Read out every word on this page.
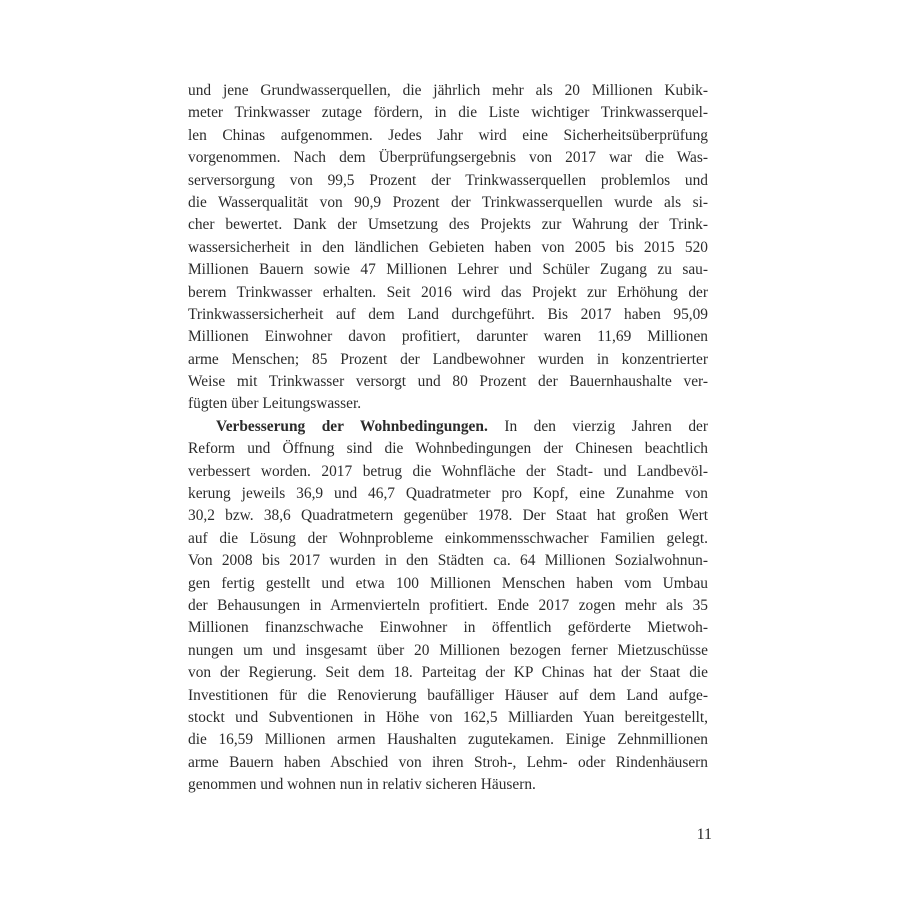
und jene Grundwasserquellen, die jährlich mehr als 20 Millionen Kubik-
meter Trinkwasser zutage fördern, in die Liste wichtiger Trinkwasserquel-
len Chinas aufgenommen. Jedes Jahr wird eine Sicherheitsüberprüfung
vorgenommen. Nach dem Überprüfungsergebnis von 2017 war die Was-
serversorgung von 99,5 Prozent der Trinkwasserquellen problemlos und
die Wasserqualität von 90,9 Prozent der Trinkwasserquellen wurde als si-
cher bewertet. Dank der Umsetzung des Projekts zur Wahrung der Trink-
wassersicherheit in den ländlichen Gebieten haben von 2005 bis 2015 520
Millionen Bauern sowie 47 Millionen Lehrer und Schüler Zugang zu sau-
berem Trinkwasser erhalten. Seit 2016 wird das Projekt zur Erhöhung der
Trinkwassersicherheit auf dem Land durchgeführt. Bis 2017 haben 95,09
Millionen Einwohner davon profitiert, darunter waren 11,69 Millionen
arme Menschen; 85 Prozent der Landbewohner wurden in konzentrierter
Weise mit Trinkwasser versorgt und 80 Prozent der Bauernhaushalte ver-
fügten über Leitungswasser.
Verbesserung der Wohnbedingungen. In den vierzig Jahren der
Reform und Öffnung sind die Wohnbedingungen der Chinesen beachtlich
verbessert worden. 2017 betrug die Wohnfläche der Stadt- und Landbevöl-
kerung jeweils 36,9 und 46,7 Quadratmeter pro Kopf, eine Zunahme von
30,2 bzw. 38,6 Quadratmetern gegenüber 1978. Der Staat hat großen Wert
auf die Lösung der Wohnprobleme einkommensschwacher Familien gelegt.
Von 2008 bis 2017 wurden in den Städten ca. 64 Millionen Sozialwohnun-
gen fertig gestellt und etwa 100 Millionen Menschen haben vom Umbau
der Behausungen in Armenvierteln profitiert. Ende 2017 zogen mehr als 35
Millionen finanzschwache Einwohner in öffentlich geförderte Mietwoh-
nungen um und insgesamt über 20 Millionen bezogen ferner Mietzuschüsse
von der Regierung. Seit dem 18. Parteitag der KP Chinas hat der Staat die
Investitionen für die Renovierung baufälliger Häuser auf dem Land aufge-
stockt und Subventionen in Höhe von 162,5 Milliarden Yuan bereitgestellt,
die 16,59 Millionen armen Haushalten zugutekamen. Einige Zehnmillionen
arme Bauern haben Abschied von ihren Stroh-, Lehm- oder Rindenhäusern
genommen und wohnen nun in relativ sicheren Häusern.
11
